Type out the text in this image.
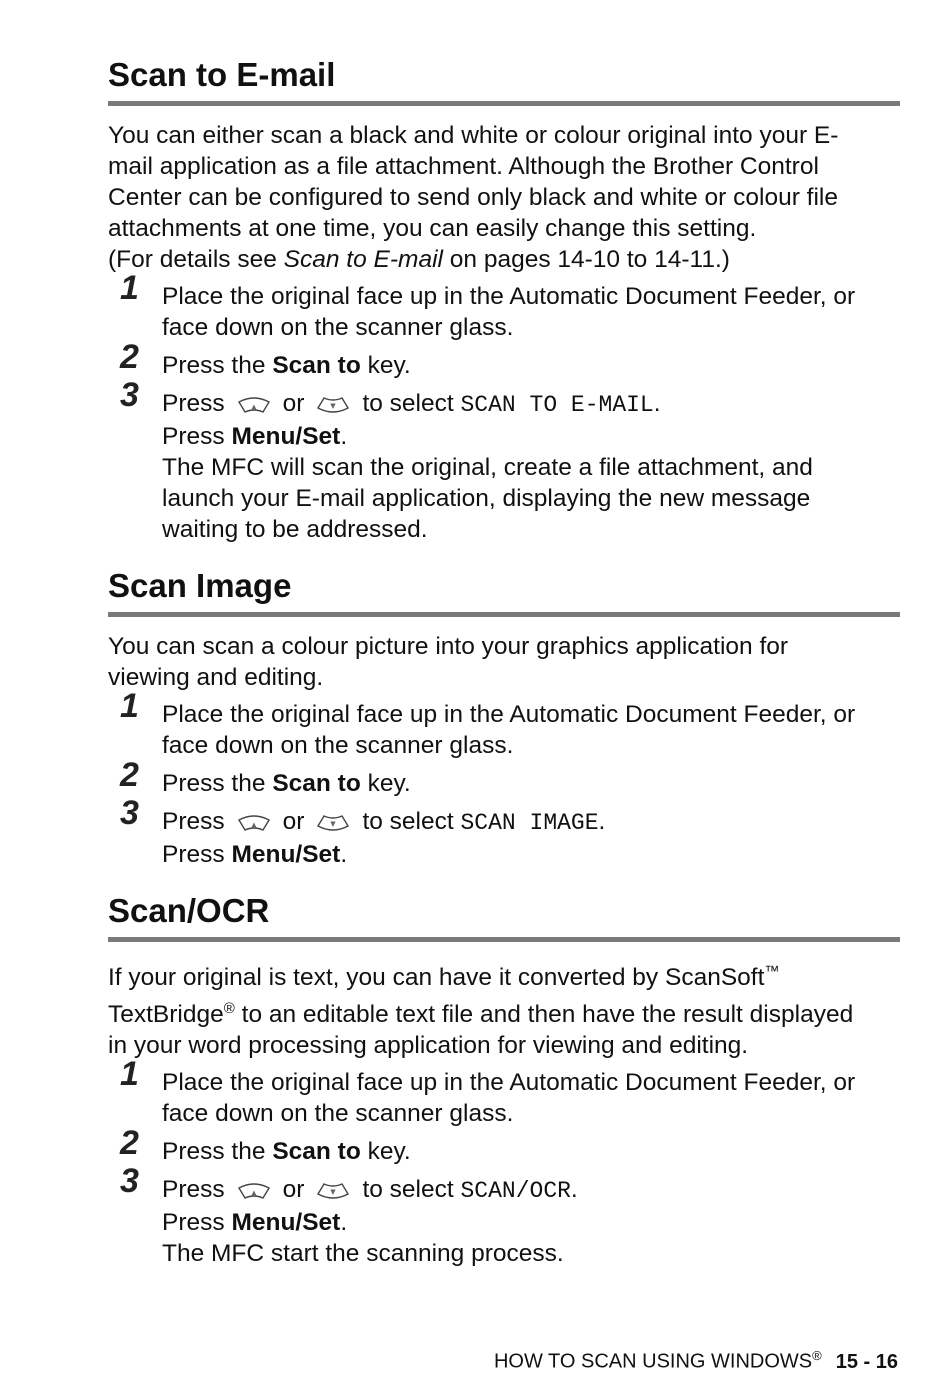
Scan to E-mail

You can either scan a black and white or colour original into your E-
mail application as a file attachment. Although the Brother Control
Center can be configured to send only black and white or colour file
attachments at one time, you can easily change this setting.
(For details see Scan to E-mail on pages 14-10 to 14-11.)

1 Place the original face up in the Automatic Document Feeder, or
face down on the scanner glass.
2 Press the Scan to key.
3 Press	▲ or	▼ to select SCAN TO E-MAIL.
Press Menu/Set.
The MFC will scan the original, create a file attachment, and
launch your E-mail application, displaying the new message
waiting to be addressed.
Scan Image

You can scan a colour picture into your graphics application for
viewing and editing.

1 Place the original face up in the Automatic Document Feeder, or
face down on the scanner glass.
2 Press the Scan to key.
3 Press	▲ or	▼ to select SCAN IMAGE.
Press Menu/Set.
Scan/OCR

If your original is text, you can have it converted by ScanSoft™
TextBridge® to an editable text file and then have the result displayed
in your word processing application for viewing and editing.

1 Place the original face up in the Automatic Document Feeder, or
face down on the scanner glass.
2 Press the Scan to key.
3 Press	▲ or	▼ to select SCAN/OCR.
Press Menu/Set.
The MFC start the scanning process.
HOW TO SCAN USING WINDOWS® 15 - 16
